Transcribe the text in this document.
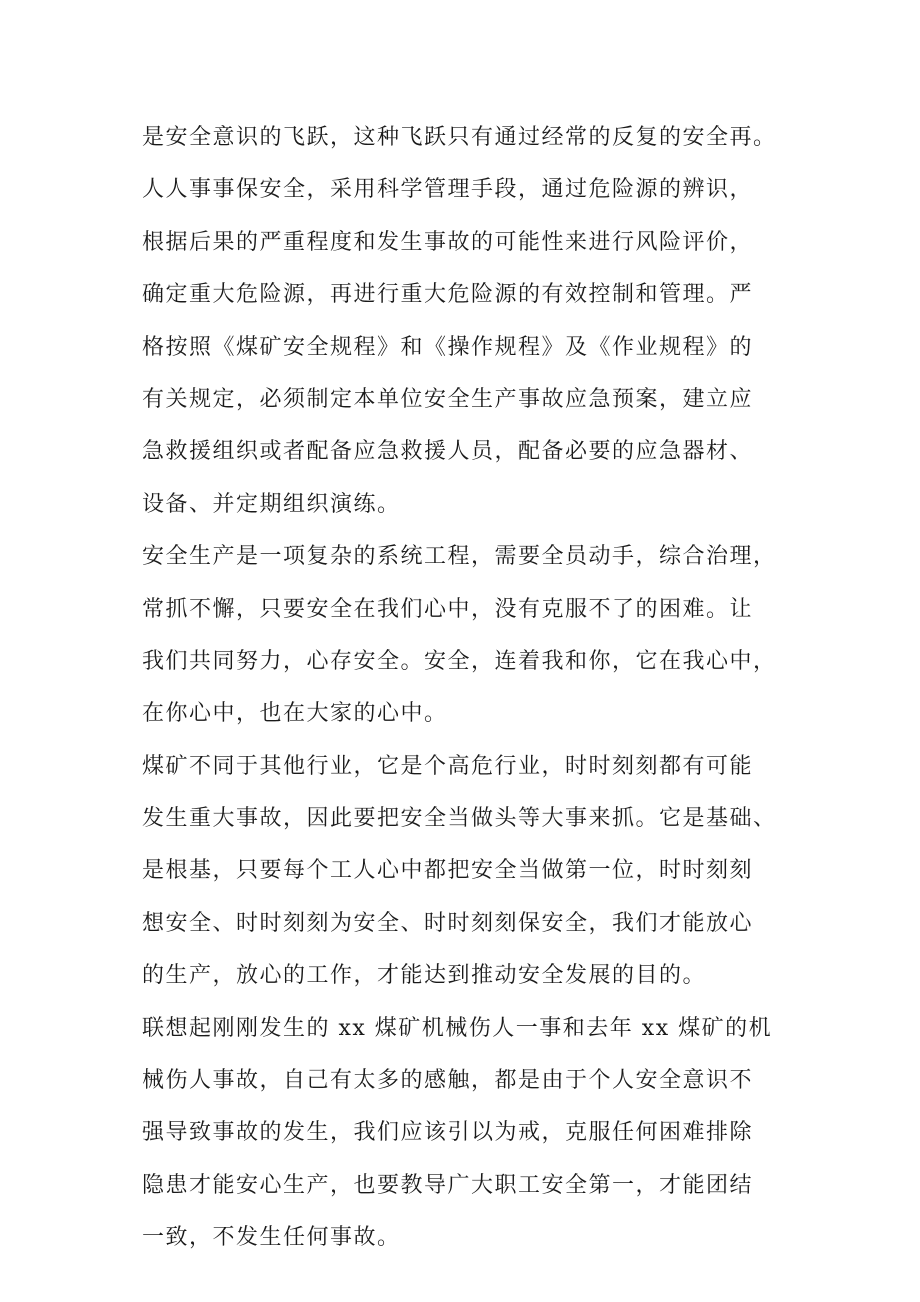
是安全意识的飞跃，这种飞跃只有通过经常的反复的安全再。
人人事事保安全，采用科学管理手段，通过危险源的辨识，
根据后果的严重程度和发生事故的可能性来进行风险评价，
确定重大危险源，再进行重大危险源的有效控制和管理。严
格按照《煤矿安全规程》和《操作规程》及《作业规程》的
有关规定，必须制定本单位安全生产事故应急预案，建立应
急救援组织或者配备应急救援人员，配备必要的应急器材、
设备、并定期组织演练。
安全生产是一项复杂的系统工程，需要全员动手，综合治理，
常抓不懈，只要安全在我们心中，没有克服不了的困难。让
我们共同努力，心存安全。安全，连着我和你，它在我心中，
在你心中，也在大家的心中。
煤矿不同于其他行业，它是个高危行业，时时刻刻都有可能
发生重大事故，因此要把安全当做头等大事来抓。它是基础、
是根基，只要每个工人心中都把安全当做第一位，时时刻刻
想安全、时时刻刻为安全、时时刻刻保安全，我们才能放心
的生产，放心的工作，才能达到推动安全发展的目的。
联想起刚刚发生的 xx 煤矿机械伤人一事和去年 xx 煤矿的机
械伤人事故，自己有太多的感触，都是由于个人安全意识不
强导致事故的发生，我们应该引以为戒，克服任何困难排除
隐患才能安心生产，也要教导广大职工安全第一，才能团结
一致，不发生任何事故。
